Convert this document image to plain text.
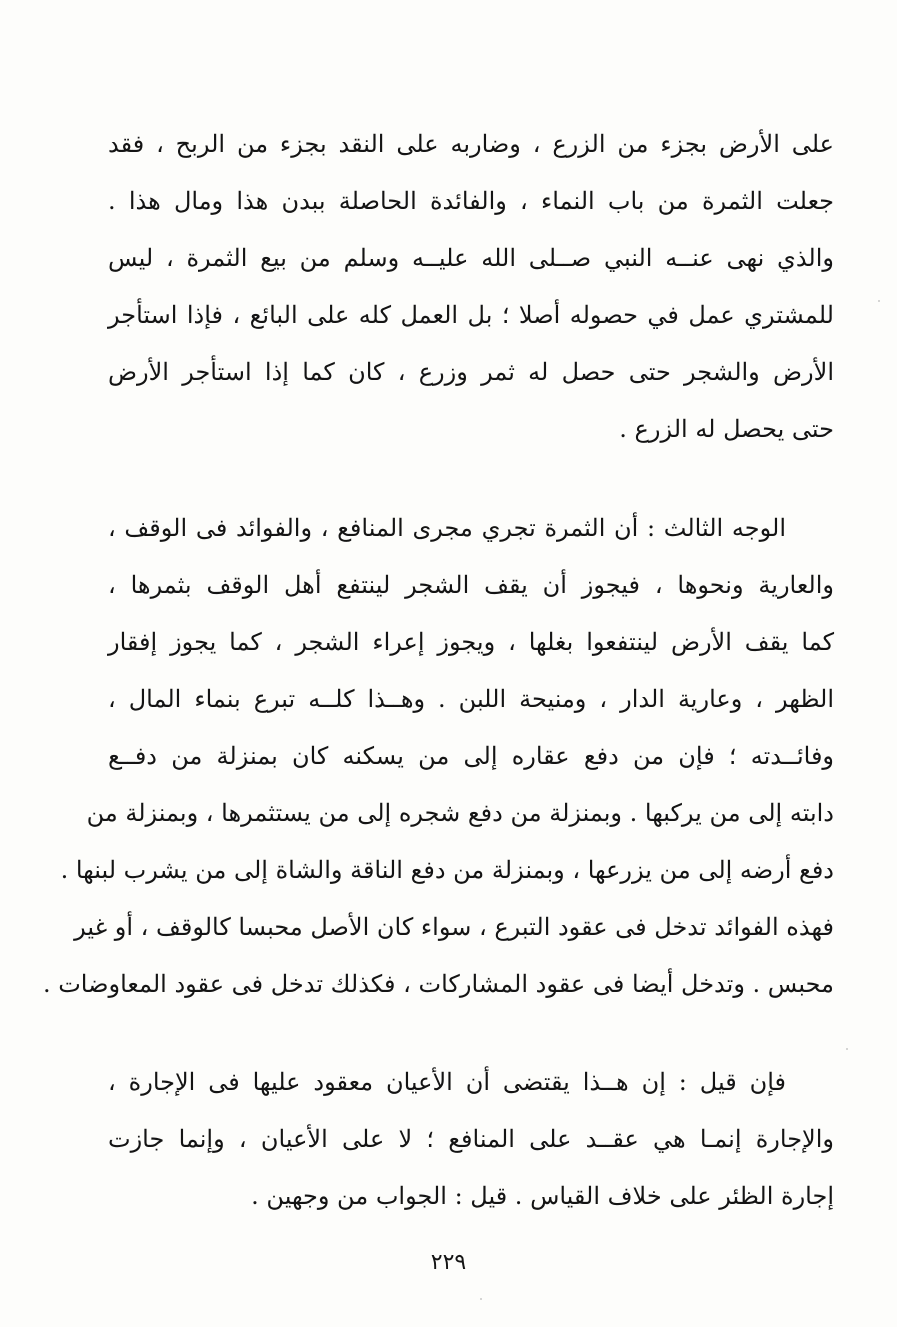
على الأرض بجزء من الزرع ، وضاربه على النقد بجزء من الربح ، فقد
جعلت الثمرة من باب النماء ، والفائدة الحاصلة ببدن هذا ومال هذا .
والذي نهى عنــه النبي صــلى الله عليــه وسلم من بيع الثمرة ، ليس
للمشتري عمل في حصوله أصلا ؛ بل العمل كله على البائع ، فإذا استأجر
الأرض والشجر حتى حصل له ثمر وزرع ، كان كما إذا استأجر الأرض
حتى يحصل له الزرع .
الوجه الثالث : أن الثمرة تجري مجرى المنافع ، والفوائد فى الوقف ،
والعارية ونحوها ، فيجوز أن يقف الشجر لينتفع أهل الوقف بثمرها ،
كما يقف الأرض لينتفعوا بغلها ، ويجوز إعراء الشجر ، كما يجوز إفقار
الظهر ، وعارية الدار ، ومنيحة اللبن . وهــذا كلــه تبرع بنماء المال ،
وفائــدته ؛ فإن من دفع عقاره إلى من يسكنه كان بمنزلة من دفــع
دابته إلى من يركبها . وبمنزلة من دفع شجره إلى من يستثمرها ، وبمنزلة من
دفع أرضه إلى من يزرعها ، وبمنزلة من دفع الناقة والشاة إلى من يشرب لبنها .
فهذه الفوائد تدخل فى عقود التبرع ، سواء كان الأصل محبسا كالوقف ، أو غير
محبس . وتدخل أيضا فى عقود المشاركات ، فكذلك تدخل فى عقود المعاوضات .
فإن قيل : إن هــذا يقتضى أن الأعيان معقود عليها فى الإجارة ،
والإجارة إنمـا هي عقــد على المنافع ؛ لا على الأعيان ، وإنما جازت
إجارة الظئر على خلاف القياس . قيل : الجواب من وجهين .
٢٢٩
